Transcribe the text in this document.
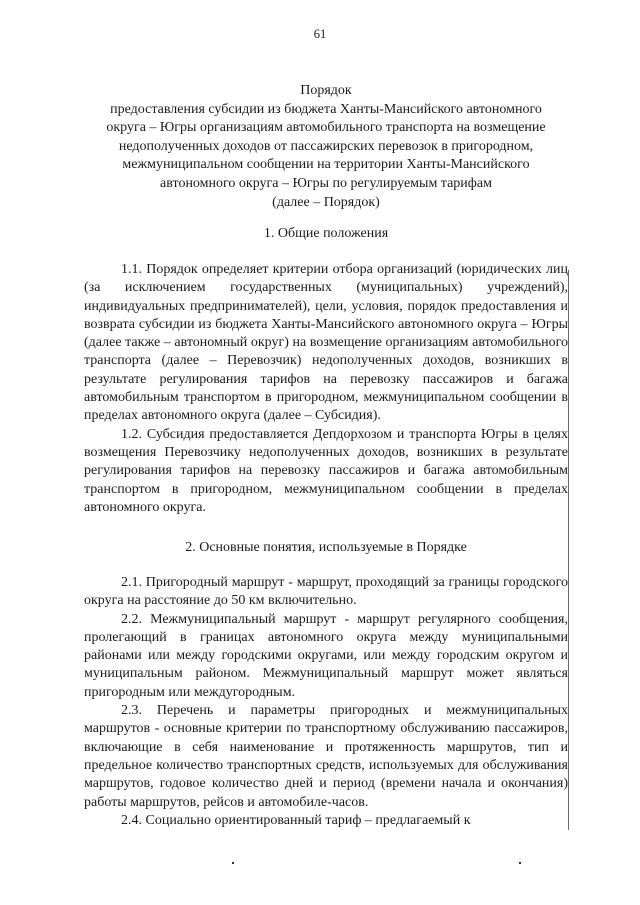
61
Порядок
предоставления субсидии из бюджета Ханты-Мансийского автономного
округа – Югры организациям автомобильного транспорта на возмещение
недополученных доходов от пассажирских перевозок в пригородном,
межмуниципальном сообщении на территории Ханты-Мансийского
автономного округа – Югры по регулируемым тарифам
(далее – Порядок)
1. Общие положения

1.1. Порядок определяет критерии отбора организаций (юридических лиц (за исключением государственных (муниципальных) учреждений), индивидуальных предпринимателей), цели, условия, порядок предоставления и возврата субсидии из бюджета Ханты-Мансийского автономного округа – Югры (далее также – автономный округ) на возмещение организациям автомобильного транспорта (далее – Перевозчик) недополученных доходов, возникших в результате регулирования тарифов на перевозку пассажиров и багажа автомобильным транспортом в пригородном, межмуниципальном сообщении в пределах автономного округа (далее – Субсидия).

1.2. Субсидия предоставляется Депдорхозом и транспорта Югры в целях возмещения Перевозчику недополученных доходов, возникших в результате регулирования тарифов на перевозку пассажиров и багажа автомобильным транспортом в пригородном, межмуниципальном сообщении в пределах автономного округа.

2. Основные понятия, используемые в Порядке

2.1. Пригородный маршрут - маршрут, проходящий за границы городского округа на расстояние до 50 км включительно.

2.2. Межмуниципальный маршрут - маршрут регулярного сообщения, пролегающий в границах автономного округа между муниципальными районами или между городскими округами, или между городским округом и муниципальным районом. Межмуниципальный маршрут может являться пригородным или междугородным.

2.3. Перечень и параметры пригородных и межмуниципальных маршрутов - основные критерии по транспортному обслуживанию пассажиров, включающие в себя наименование и протяженность маршрутов, тип и предельное количество транспортных средств, используемых для обслуживания маршрутов, годовое количество дней и период (времени начала и окончания) работы маршрутов, рейсов и автомобиле-часов.

2.4. Социально ориентированный тариф – предлагаемый к
